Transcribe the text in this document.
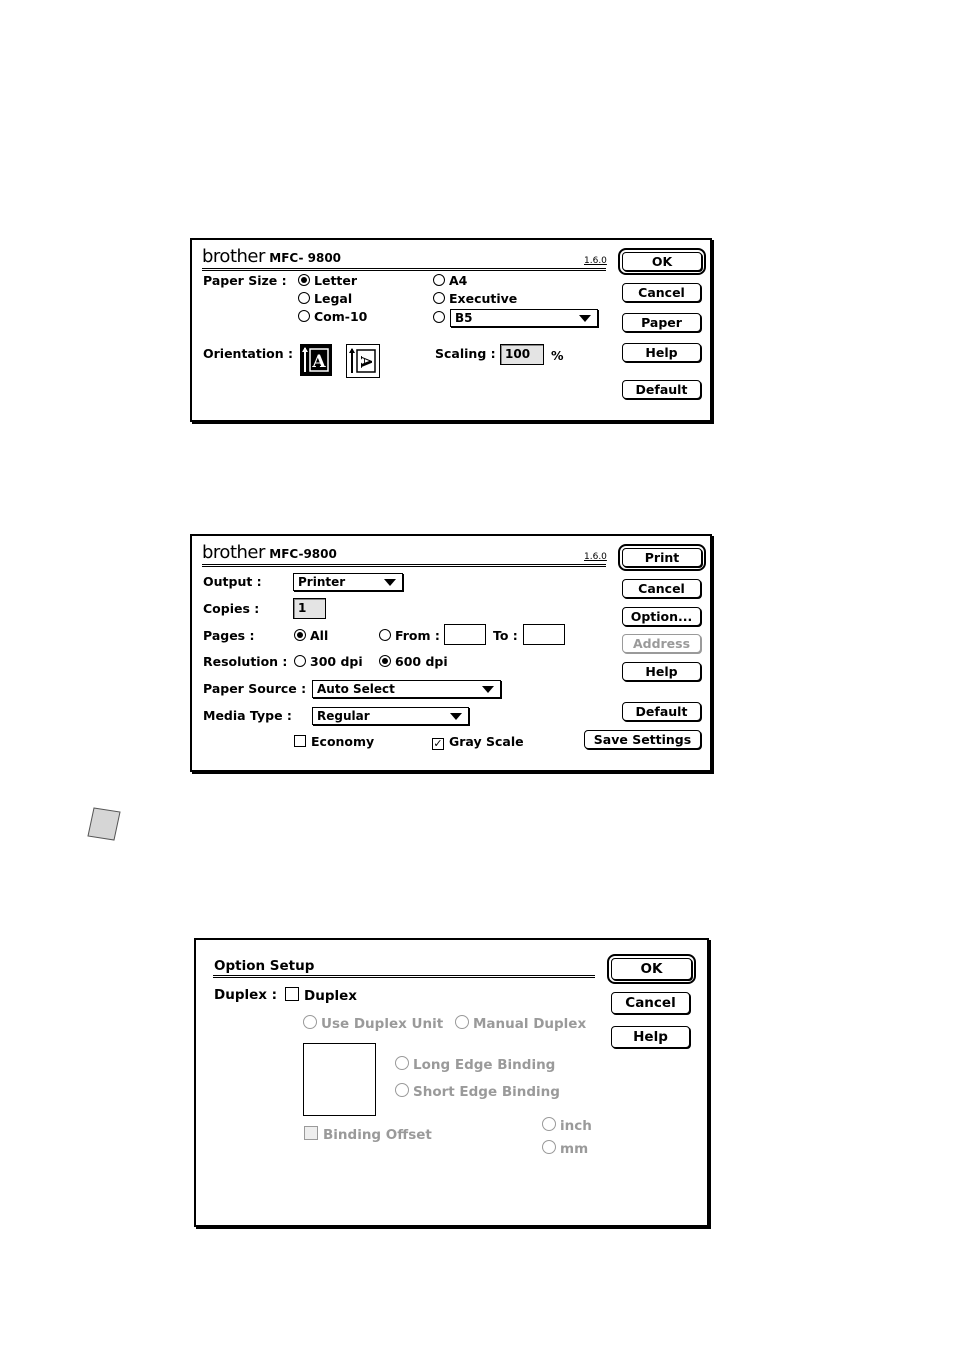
brother MFC- 9800	1.6.0
Paper Size :	Letter
Legal
Com-10
A4
Executive
B5
Orientation : A A
Scaling : 100	%
OK
Cancel
Paper
Help
Default
brother MFC-9800	1.6.0
Output :	Printer
Copies :	1
Pages :	All	From :	To :
Resolution :	300 dpi	600 dpi
Paper Source : Auto Select
Media Type :	Regular
Economy	✓ Gray Scale
Print
Cancel
Option...
Address
Help
Default
Save Settings
Option Setup
Duplex :	Duplex
Use Duplex Unit	Manual Duplex
Long Edge Binding
Short Edge Binding
Binding Offset
inch
mm
OK
Cancel
Help
